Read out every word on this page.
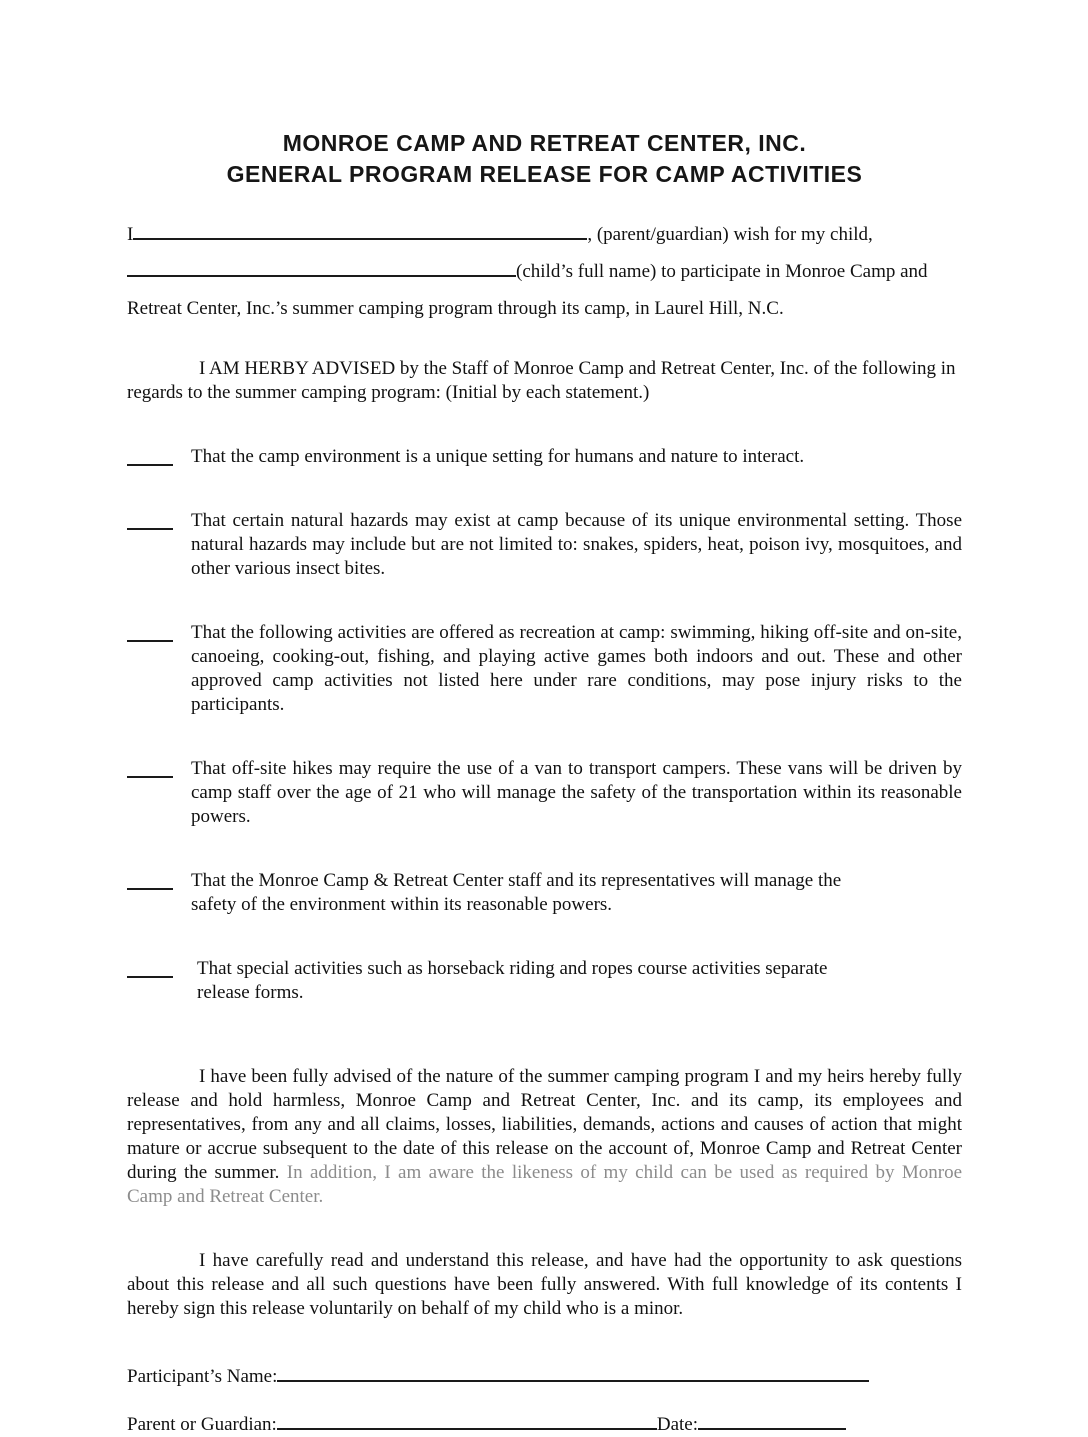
MONROE CAMP AND RETREAT CENTER, INC.
GENERAL PROGRAM RELEASE FOR CAMP ACTIVITIES
I	, (parent/guardian) wish for my child,
(child’s full name) to participate in Monroe Camp and
Retreat Center, Inc.’s summer camping program through its camp, in Laurel Hill, N.C.

I AM HERBY ADVISED by the Staff of Monroe Camp and Retreat Center, Inc. of the following in regards to the summer camping program: (Initial by each statement.)

That the camp environment is a unique setting for humans and nature to interact.
That certain natural hazards may exist at camp because of its unique environmental setting. Those natural hazards may include but are not limited to: snakes, spiders, heat, poison ivy, mosquitoes, and other various insect bites.
That the following activities are offered as recreation at camp: swimming, hiking off-site and on-site, canoeing, cooking-out, fishing, and playing active games both indoors and out. These and other approved camp activities not listed here under rare conditions, may pose injury risks to the participants.
That off-site hikes may require the use of a van to transport campers. These vans will be driven by camp staff over the age of 21 who will manage the safety of the transportation within its reasonable powers.
That the Monroe Camp & Retreat Center staff and its representatives will manage the safety of the environment within its reasonable powers.
That special activities such as horseback riding and ropes course activities separate release forms.

I have been fully advised of the nature of the summer camping program I and my heirs hereby fully release and hold harmless, Monroe Camp and Retreat Center, Inc. and its camp, its employees and representatives, from any and all claims, losses, liabilities, demands, actions and causes of action that might mature or accrue subsequent to the date of this release on the account of, Monroe Camp and Retreat Center during the summer. In addition, I am aware the likeness of my child can be used as required by Monroe Camp and Retreat Center.

I have carefully read and understand this release, and have had the opportunity to ask questions about this release and all such questions have been fully answered. With full knowledge of its contents I hereby sign this release voluntarily on behalf of my child who is a minor.

Participant’s Name:
Parent or Guardian:	Date:
